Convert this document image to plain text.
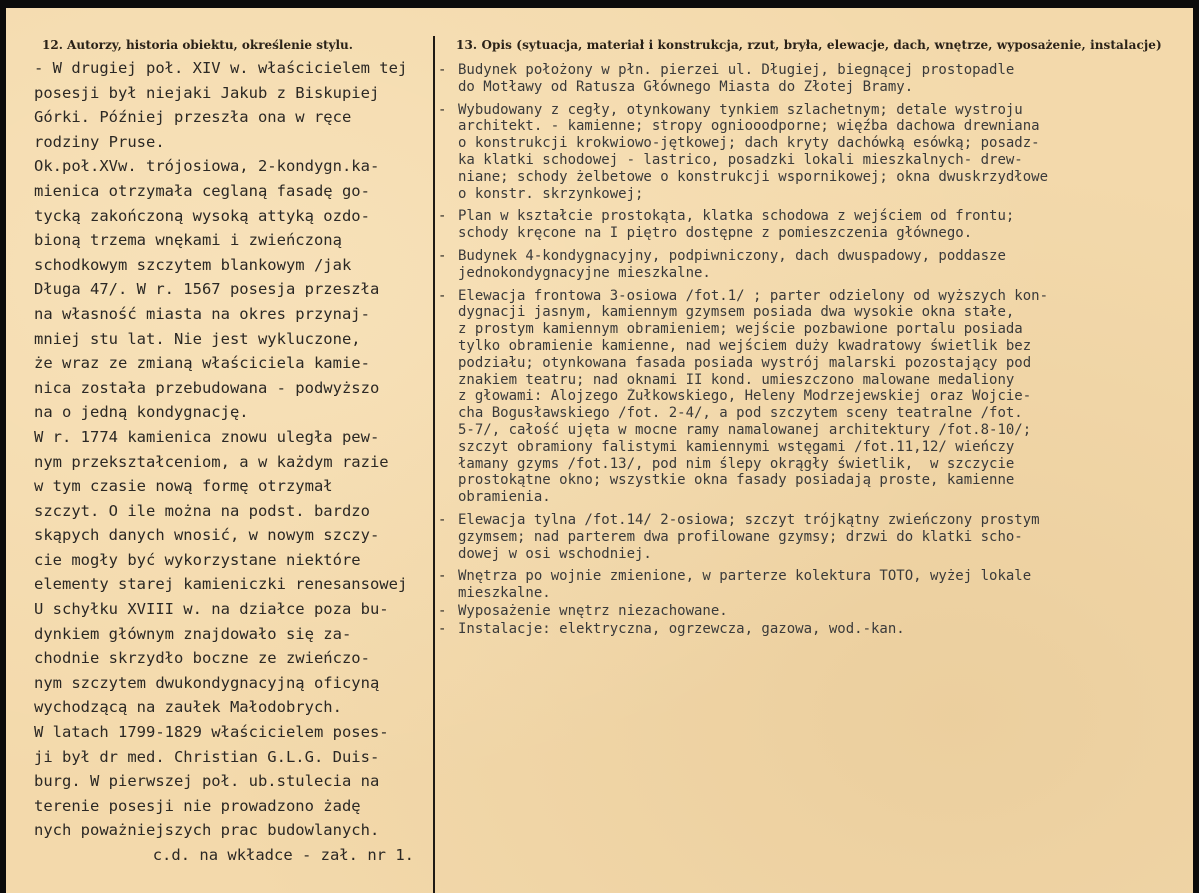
12. Autorzy, historia obiektu, określenie stylu.	13. Opis (sytuacja, materiał i konstrukcja, rzut, bryła, elewacje, dach, wnętrze, wyposażenie, instalacje)
- W drugiej poł. XIV w. właścicielem tej
posesji był niejaki Jakub z Biskupiej
Górki. Później przeszła ona w ręce
rodziny Pruse.
Ok.poł.XVw. trójosiowa, 2-kondygn.ka-
mienica otrzymała ceglaną fasadę go-
tycką zakończoną wysoką attyką ozdo-
bioną trzema wnękami i zwieńczoną
schodkowym szczytem blankowym /jak
Długa 47/. W r. 1567 posesja przeszła
na własność miasta na okres przynaj-
mniej stu lat. Nie jest wykluczone,
że wraz ze zmianą właściciela kamie-
nica została przebudowana - podwyższo
na o jedną kondygnację.
W r. 1774 kamienica znowu uległa pew-
nym przekształceniom, a w każdym razie
w tym czasie nową formę otrzymał
szczyt. O ile można na podst. bardzo
skąpych danych wnosić, w nowym szczy-
cie mogły być wykorzystane niektóre
elementy starej kamieniczki renesansowej
U schyłku XVIII w. na działce poza bu-
dynkiem głównym znajdowało się za-
chodnie skrzydło boczne ze zwieńczo-
nym szczytem dwukondygnacyjną oficyną
wychodzącą na zaułek Małodobrych.
W latach 1799-1829 właścicielem poses-
ji był dr med. Christian G.L.G. Duis-
burg. W pierwszej poł. ub.stulecia na
terenie posesji nie prowadzono żadę
nych poważniejszych prac budowlanych.
c.d. na wkładce - zał. nr 1.
- Budynek położony w płn. pierzei ul. Długiej, biegnącej prostopadle
do Motławy od Ratusza Głównego Miasta do Złotej Bramy.
- Wybudowany z cegły, otynkowany tynkiem szlachetnym; detale wystroju
architekt. - kamienne; stropy ogniooodporne; więźba dachowa drewniana
o konstrukcji krokwiowo-jętkowej; dach kryty dachówką esówką; posadz-
ka klatki schodowej - lastrico, posadzki lokali mieszkalnych- drew-
niane; schody żelbetowe o konstrukcji wspornikowej; okna dwuskrzydłowe
o konstr. skrzynkowej;
- Plan w kształcie prostokąta, klatka schodowa z wejściem od frontu;
schody kręcone na I piętro dostępne z pomieszczenia głównego.
- Budynek 4-kondygnacyjny, podpiwniczony, dach dwuspadowy, poddasze
jednokondygnacyjne mieszkalne.
- Elewacja frontowa 3-osiowa /fot.1/ ; parter odzielony od wyższych kon-
dygnacji jasnym, kamiennym gzymsem posiada dwa wysokie okna stałe,
z prostym kamiennym obramieniem; wejście pozbawione portalu posiada
tylko obramienie kamienne, nad wejściem duży kwadratowy świetlik bez
podziału; otynkowana fasada posiada wystrój malarski pozostający pod
znakiem teatru; nad oknami II kond. umieszczono malowane medaliony
z głowami: Alojzego Żułkowskiego, Heleny Modrzejewskiej oraz Wojcie-
cha Bogusławskiego /fot. 2-4/, a pod szczytem sceny teatralne /fot.
5-7/, całość ujęta w mocne ramy namalowanej architektury /fot.8-10/;
szczyt obramiony falistymi kamiennymi wstęgami /fot.11,12/ wieńczy
łamany gzyms /fot.13/, pod nim ślepy okrągły świetlik,  w szczycie
prostokątne okno; wszystkie okna fasady posiadają proste, kamienne
obramienia.
- Elewacja tylna /fot.14/ 2-osiowa; szczyt trójkątny zwieńczony prostym
gzymsem; nad parterem dwa profilowane gzymsy; drzwi do klatki scho-
dowej w osi wschodniej.
- Wnętrza po wojnie zmienione, w parterze kolektura TOTO, wyżej lokale
mieszkalne.
- Wyposażenie wnętrz niezachowane.
- Instalacje: elektryczna, ogrzewcza, gazowa, wod.-kan.
